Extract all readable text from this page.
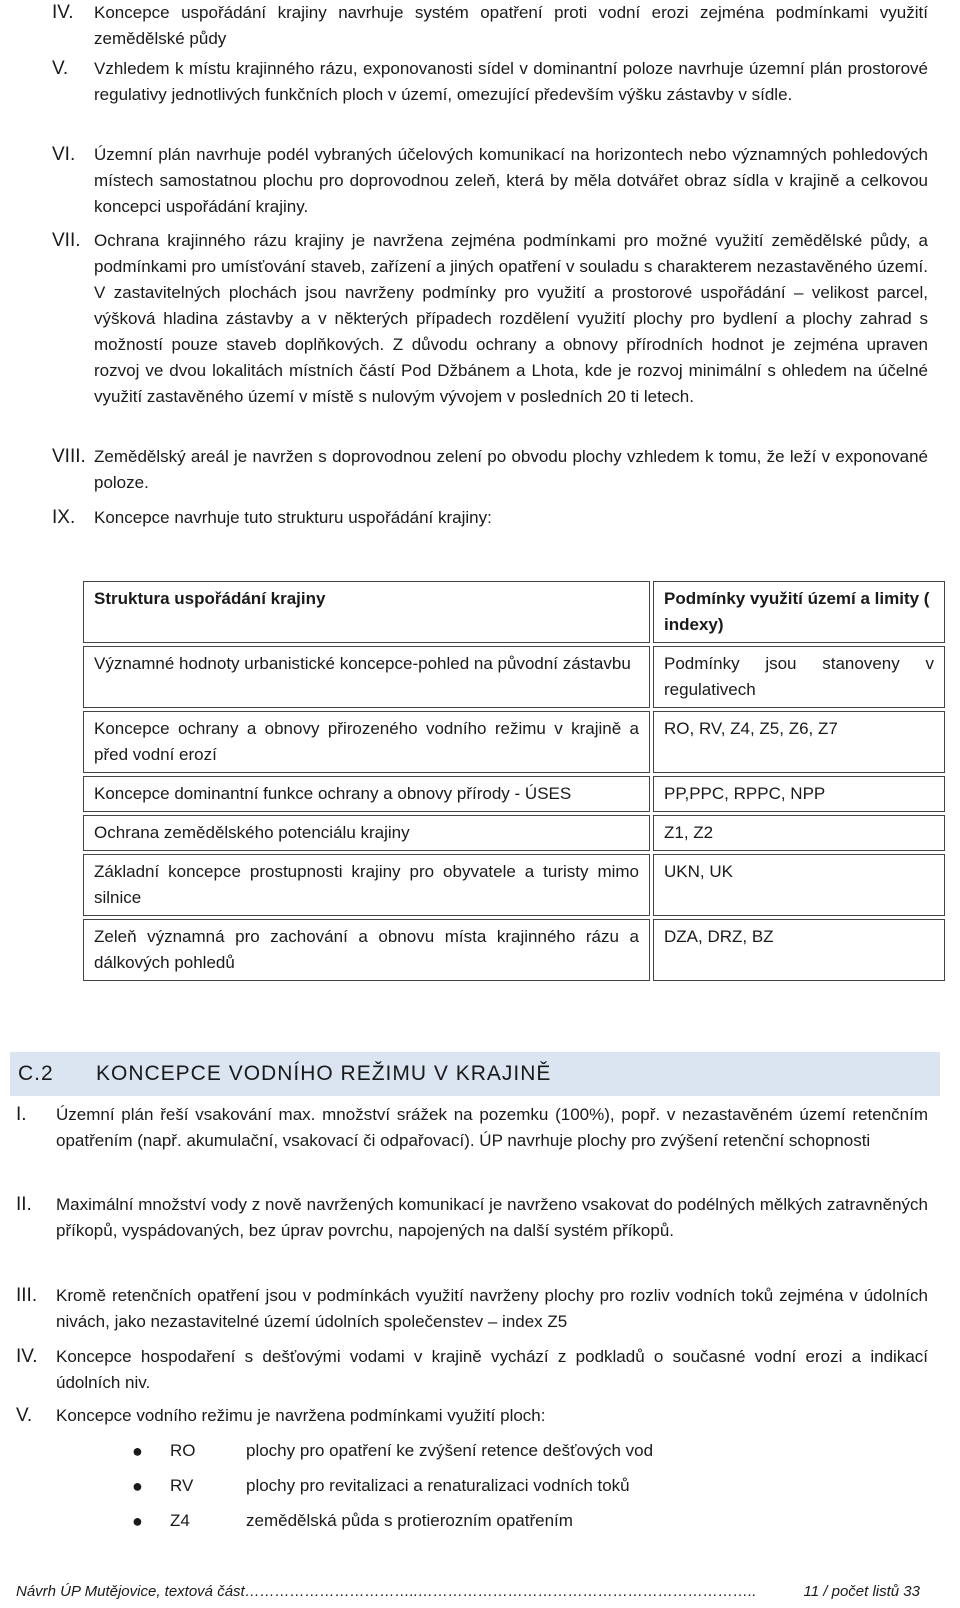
IV.	Koncepce uspořádání krajiny navrhuje systém opatření proti vodní erozi zejména podmínkami využití zemědělské půdy
V.	Vzhledem k místu krajinného rázu, exponovanosti sídel v dominantní poloze navrhuje územní plán prostorové regulativy jednotlivých funkčních ploch v území, omezující především výšku zástavby v sídle.
VI.	Územní plán navrhuje podél vybraných účelových komunikací na horizontech nebo významných pohledových místech samostatnou plochu pro doprovodnou zeleň, která by měla dotvářet obraz sídla v krajině a celkovou koncepci uspořádání krajiny.
VII. Ochrana krajinného rázu krajiny je navržena zejména podmínkami pro možné využití zemědělské půdy, a podmínkami pro umísťování staveb, zařízení a jiných opatření v souladu s charakterem nezastavěného území. V zastavitelných plochách jsou navrženy podmínky pro využití a prostorové uspořádání – velikost parcel, výšková hladina zástavby a v některých případech rozdělení využití plochy pro bydlení a plochy zahrad s možností pouze staveb doplňkových. Z důvodu ochrany a obnovy přírodních hodnot je zejména upraven rozvoj ve dvou lokalitách místních částí Pod Džbánem a Lhota, kde je rozvoj minimální s ohledem na účelné využití zastavěného území v místě s nulovým vývojem v posledních 20 ti letech.
VIII. Zemědělský areál je navržen s doprovodnou zelení po obvodu plochy vzhledem k tomu, že leží v exponované poloze.
IX.	Koncepce navrhuje tuto strukturu uspořádání krajiny:
Struktura uspořádání krajiny	Podmínky využití území a limity ( indexy)
Významné hodnoty urbanistické koncepce-pohled na původní zástavbu	Podmínky jsou stanoveny v regulativech
Koncepce ochrany a obnovy přirozeného vodního režimu v krajině a před vodní erozí	RO, RV, Z4, Z5, Z6, Z7
Koncepce dominantní funkce ochrany a obnovy přírody - ÚSES	PP,PPC, RPPC, NPP
Ochrana zemědělského potenciálu krajiny	Z1, Z2
Základní koncepce prostupnosti krajiny pro obyvatele a turisty mimo silnice	UKN, UK
Zeleň významná pro zachování a obnovu místa krajinného rázu a dálkových pohledů	DZA, DRZ, BZ
C.2	KONCEPCE VODNÍHO REŽIMU V KRAJINĚ
I.	Územní plán řeší vsakování max. množství srážek na pozemku (100%), popř. v nezastavěném území retenčním opatřením (např. akumulační, vsakovací či odpařovací). ÚP navrhuje plochy pro zvýšení retenční schopnosti
II.	Maximální množství vody z nově navržených komunikací je navrženo vsakovat do podélných mělkých zatravněných příkopů, vyspádovaných, bez úprav povrchu, napojených na další systém příkopů.
III.	Kromě retenčních opatření jsou v podmínkách využití navrženy plochy pro rozliv vodních toků zejména v údolních nivách, jako nezastavitelné území údolních společenstev – index Z5
IV.	Koncepce hospodaření s dešťovými vodami v krajině vychází z podkladů o současné vodní erozi a indikací údolních niv.
V.	Koncepce vodního režimu je navržena podmínkami využití ploch:
●	RO	plochy pro opatření ke zvýšení retence dešťových vod
●	RV	plochy pro revitalizaci a renaturalizaci vodních toků
●	Z4	zemědělská půda s protierozním opatřením
Návrh ÚP Mutějovice, textová část ……………………………..…………………………………………………………..	11 / počet listů 33
